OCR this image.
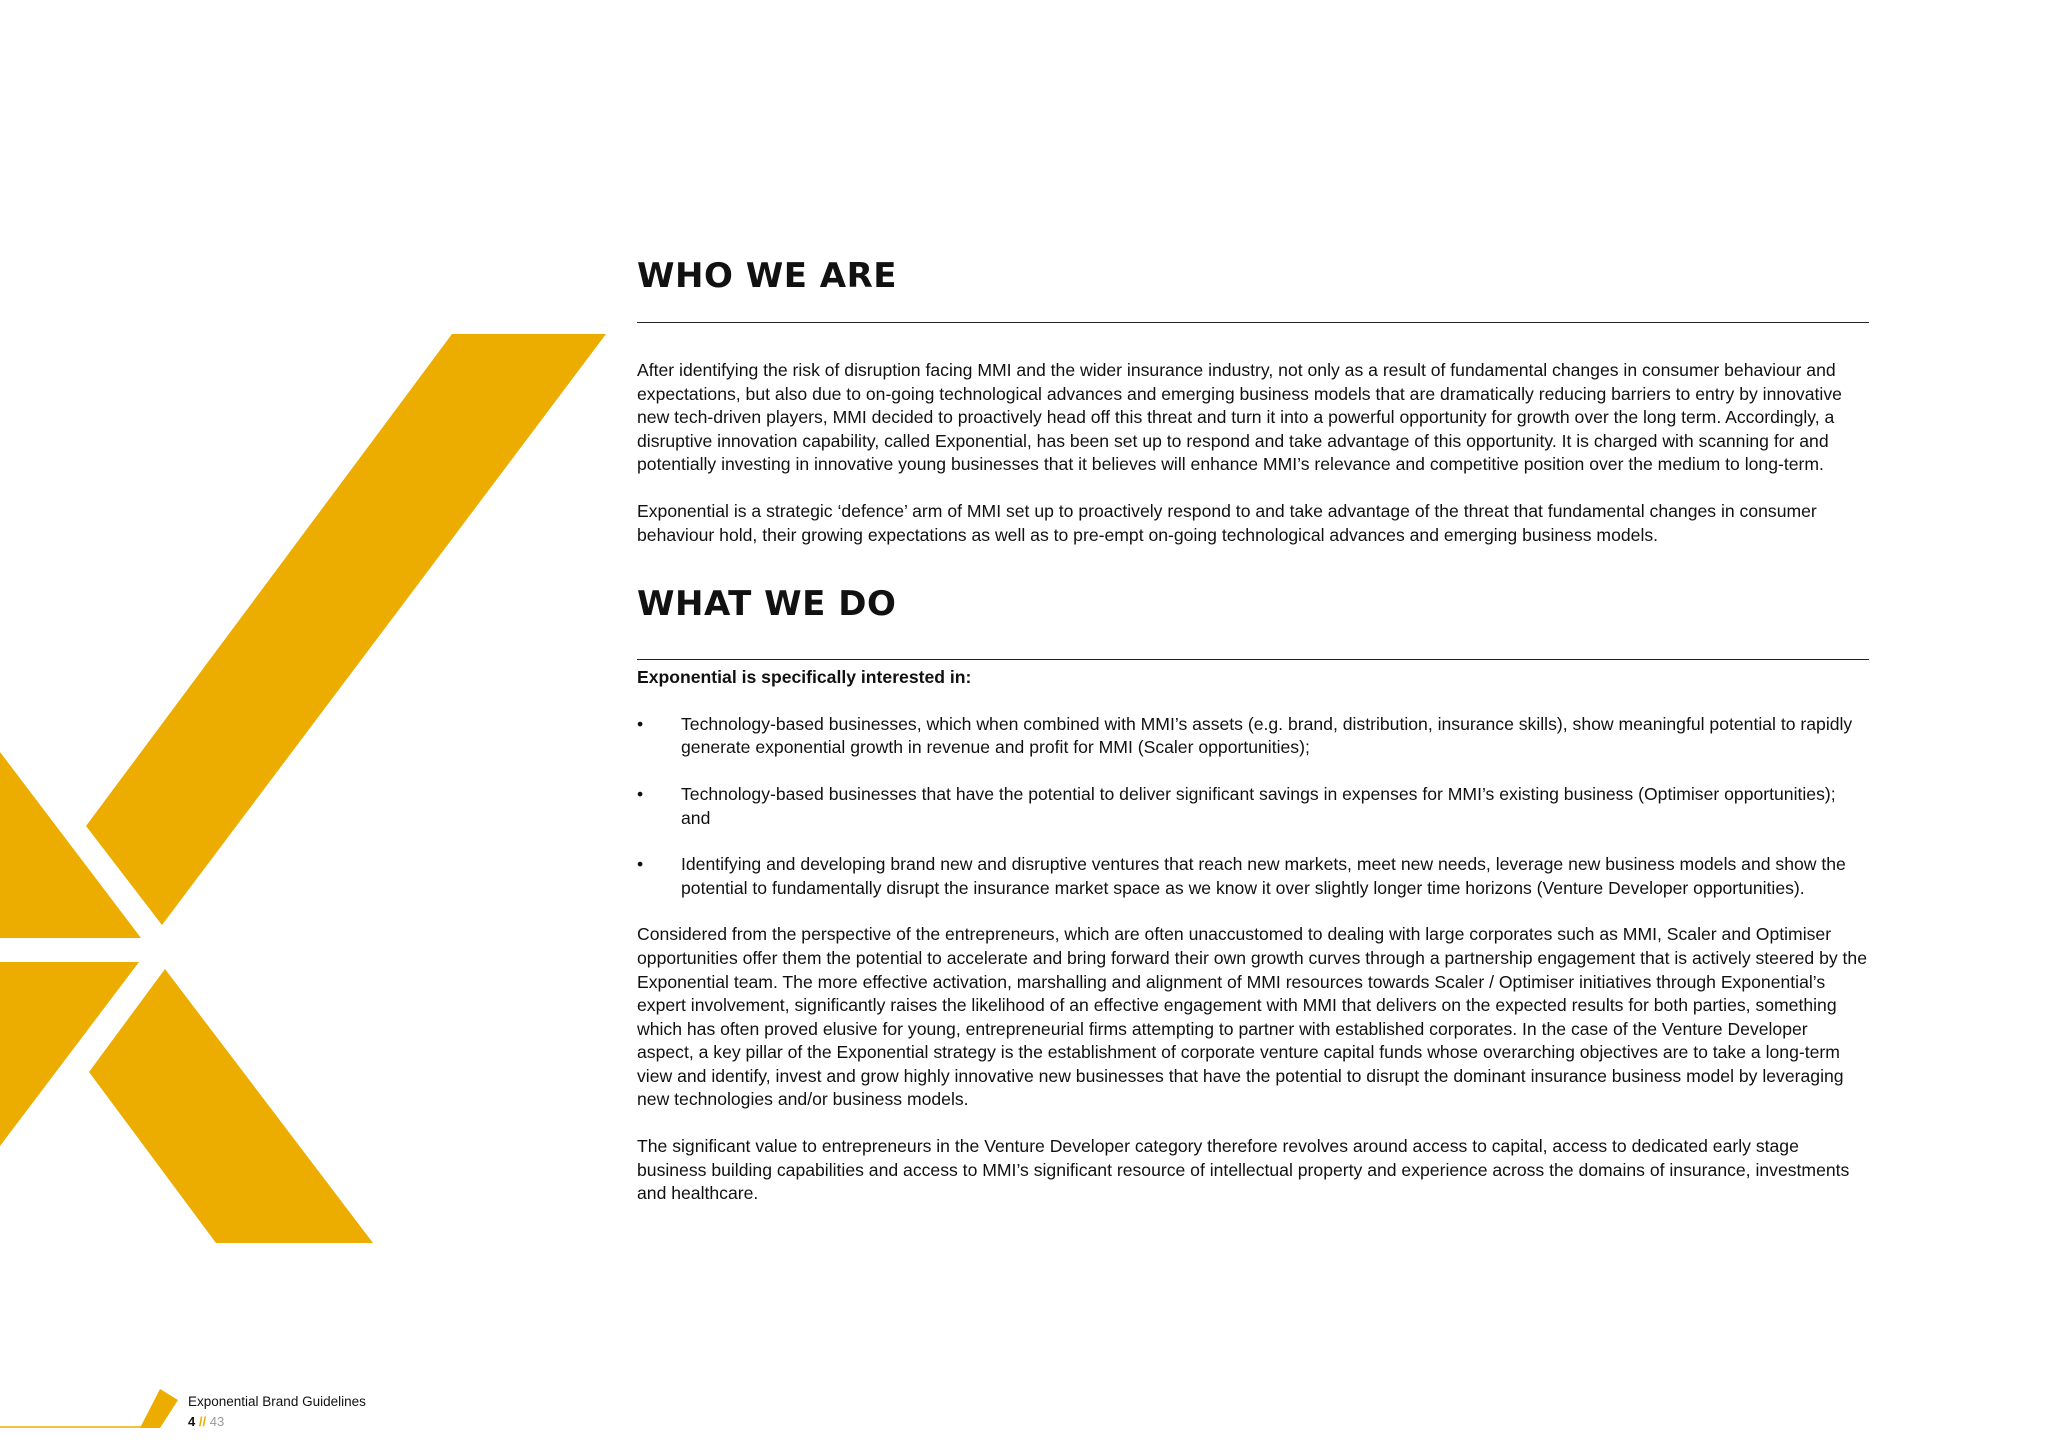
WHO WE ARE

After identifying the risk of disruption facing MMI and the wider insurance industry, not only as a result of fundamental changes in consumer behaviour and expectations, but also due to on-going technological advances and emerging business models that are dramatically reducing barriers to entry by innovative new tech-driven players, MMI decided to proactively head off this threat and turn it into a powerful opportunity for growth over the long term. Accordingly, a disruptive innovation capability, called Exponential, has been set up to respond and take advantage of this opportunity. It is charged with scanning for and potentially investing in innovative young businesses that it believes will enhance MMI’s relevance and competitive position over the medium to long-term.

Exponential is a strategic ‘defence’ arm of MMI set up to proactively respond to and take advantage of the threat that fundamental changes in consumer behaviour hold, their growing expectations as well as to pre-empt on-going technological advances and emerging business models.

WHAT WE DO

Exponential is specifically interested in:

•	Technology-based businesses, which when combined with MMI’s assets (e.g. brand, distribution, insurance skills), show meaningful potential to rapidly generate exponential growth in revenue and profit for MMI (Scaler opportunities);
•	Technology-based businesses that have the potential to deliver significant savings in expenses for MMI’s existing business (Optimiser opportunities); and
•	Identifying and developing brand new and disruptive ventures that reach new markets, meet new needs, leverage new business models and show the potential to fundamentally disrupt the insurance market space as we know it over slightly longer time horizons (Venture Developer opportunities).

Considered from the perspective of the entrepreneurs, which are often unaccustomed to dealing with large corporates such as MMI, Scaler and Optimiser opportunities offer them the potential to accelerate and bring forward their own growth curves through a partnership engagement that is actively steered by the Exponential team. The more effective activation, marshalling and alignment of MMI resources towards Scaler / Optimiser initiatives through Exponential’s expert involvement, significantly raises the likelihood of an effective engagement with MMI that delivers on the expected results for both parties, something which has often proved elusive for young, entrepreneurial firms attempting to partner with established corporates. In the case of the Venture Developer aspect, a key pillar of the Exponential strategy is the establishment of corporate venture capital funds whose overarching objectives are to take a long-term view and identify, invest and grow highly innovative new businesses that have the potential to disrupt the dominant insurance business model by leveraging new technologies and/or business models.

The significant value to entrepreneurs in the Venture Developer category therefore revolves around access to capital, access to dedicated early stage business building capabilities and access to MMI’s significant resource of intellectual property and experience across the domains of insurance, investments and healthcare.

Exponential Brand Guidelines
4 // 43
